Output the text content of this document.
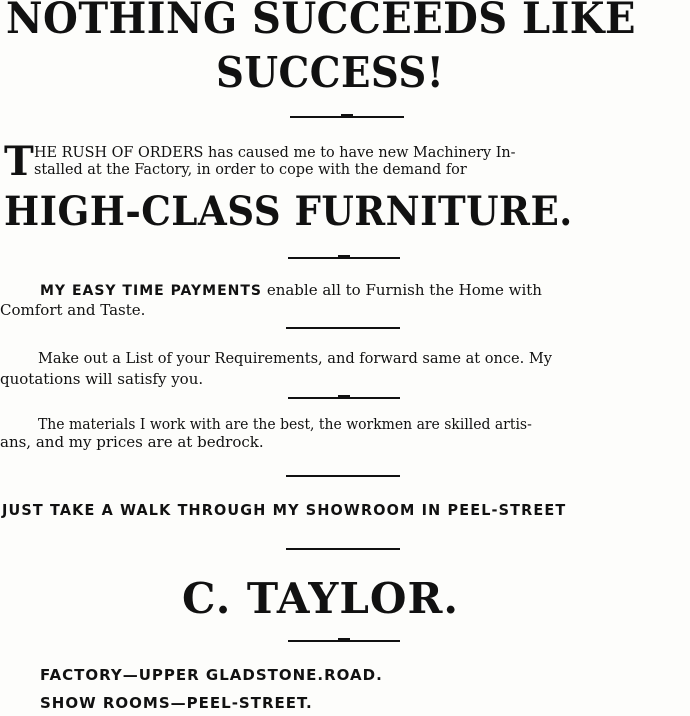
NOTHING SUCCEEDS LIKE
SUCCESS!
T HE RUSH OF ORDERS has caused me to have new Machinery In-
stalled at the Factory, in order to cope with the demand for
HIGH-CLASS FURNITURE.
MY EASY TIME PAYMENTS enable all to Furnish the Home with
Comfort and Taste.
Make out a List of your Requirements, and forward same at once. My
quotations will satisfy you.
The materials I work with are the best, the workmen are skilled artis-
ans, and my prices are at bedrock.
JUST TAKE A WALK THROUGH MY SHOWROOM IN PEEL-STREET
C. TAYLOR.
FACTORY—UPPER GLADSTONE.ROAD.
SHOW ROOMS—PEEL-STREET.
